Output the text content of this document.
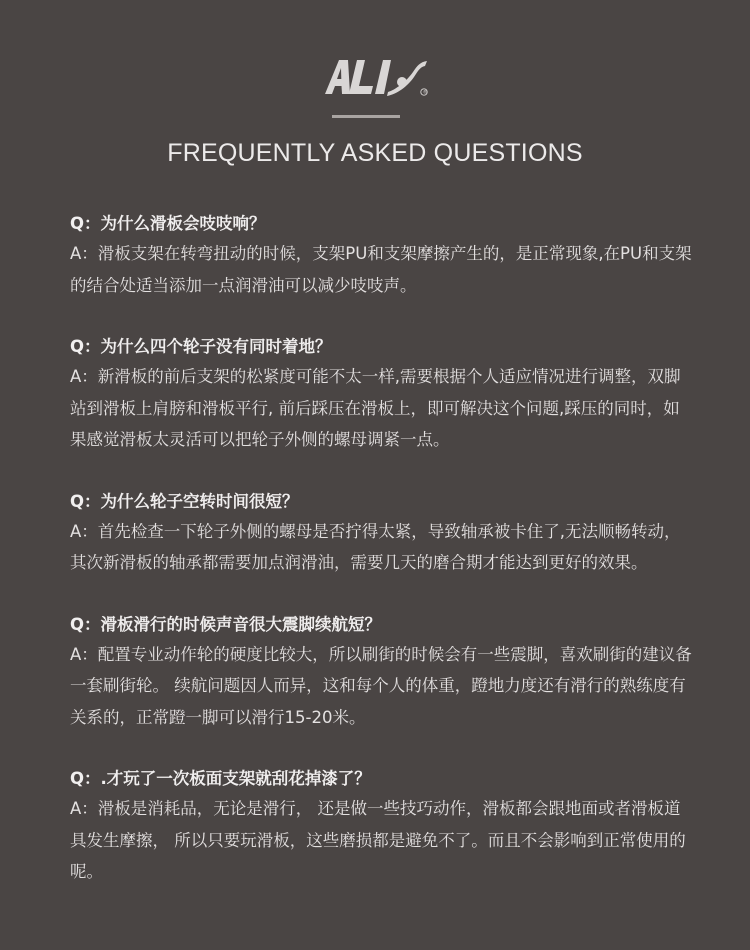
®
FREQUENTLY ASKED QUESTIONS
Q：为什么滑板会吱吱响？
A：滑板支架在转弯扭动的时候，支架PU和支架摩擦产生的，是正常现象,在PU和支架的结合处适当添加一点润滑油可以减少吱吱声。
Q：为什么四个轮子没有同时着地？
A：新滑板的前后支架的松紧度可能不太一样,需要根据个人适应情况进行调整，双脚站到滑板上肩膀和滑板平行, 前后踩压在滑板上，即可解决这个问题,踩压的同时，如果感觉滑板太灵活可以把轮子外侧的螺母调紧一点。
Q：为什么轮子空转时间很短？
A：首先检查一下轮子外侧的螺母是否拧得太紧，导致轴承被卡住了,无法顺畅转动， 其次新滑板的轴承都需要加点润滑油，需要几天的磨合期才能达到更好的效果。
Q：滑板滑行的时候声音很大震脚续航短？
A：配置专业动作轮的硬度比较大，所以刷街的时候会有一些震脚，喜欢刷街的建议备一套刷街轮。 续航问题因人而异，这和每个人的体重，蹬地力度还有滑行的熟练度有关系的，正常蹬一脚可以滑行15-20米。
Q：.才玩了一次板面支架就刮花掉漆了？
A：滑板是消耗品，无论是滑行， 还是做一些技巧动作，滑板都会跟地面或者滑板道具发生摩擦， 所以只要玩滑板，这些磨损都是避免不了。而且不会影响到正常使用的呢。
